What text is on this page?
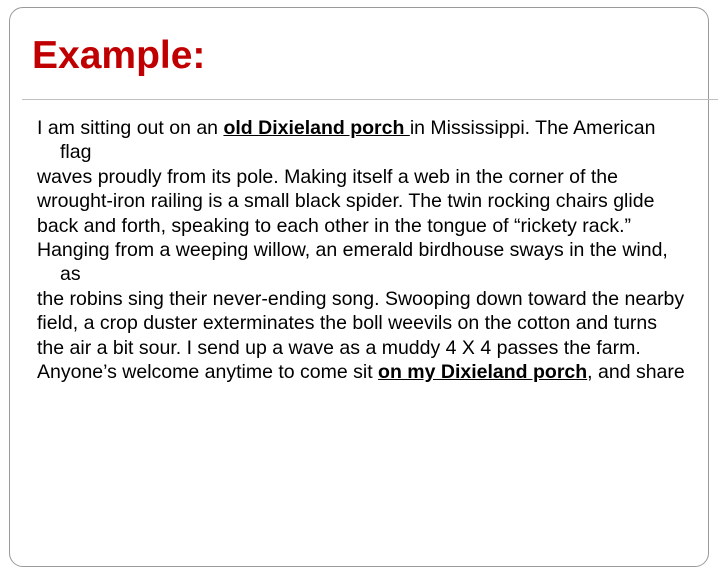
Example:

I am sitting out on an old Dixieland porch in Mississippi. The American flag

waves proudly from its pole. Making itself a web in the corner of the

wrought-iron railing is a small black spider. The twin rocking chairs glide

back and forth, speaking to each other in the tongue of “rickety rack.”

Hanging from a weeping willow, an emerald birdhouse sways in the wind, as

the robins sing their never-ending song. Swooping down toward the nearby

field, a crop duster exterminates the boll weevils on the cotton and turns

the air a bit sour. I send up a wave as a muddy 4 X 4 passes the farm.

Anyone’s welcome anytime to come sit on my Dixieland porch, and share
